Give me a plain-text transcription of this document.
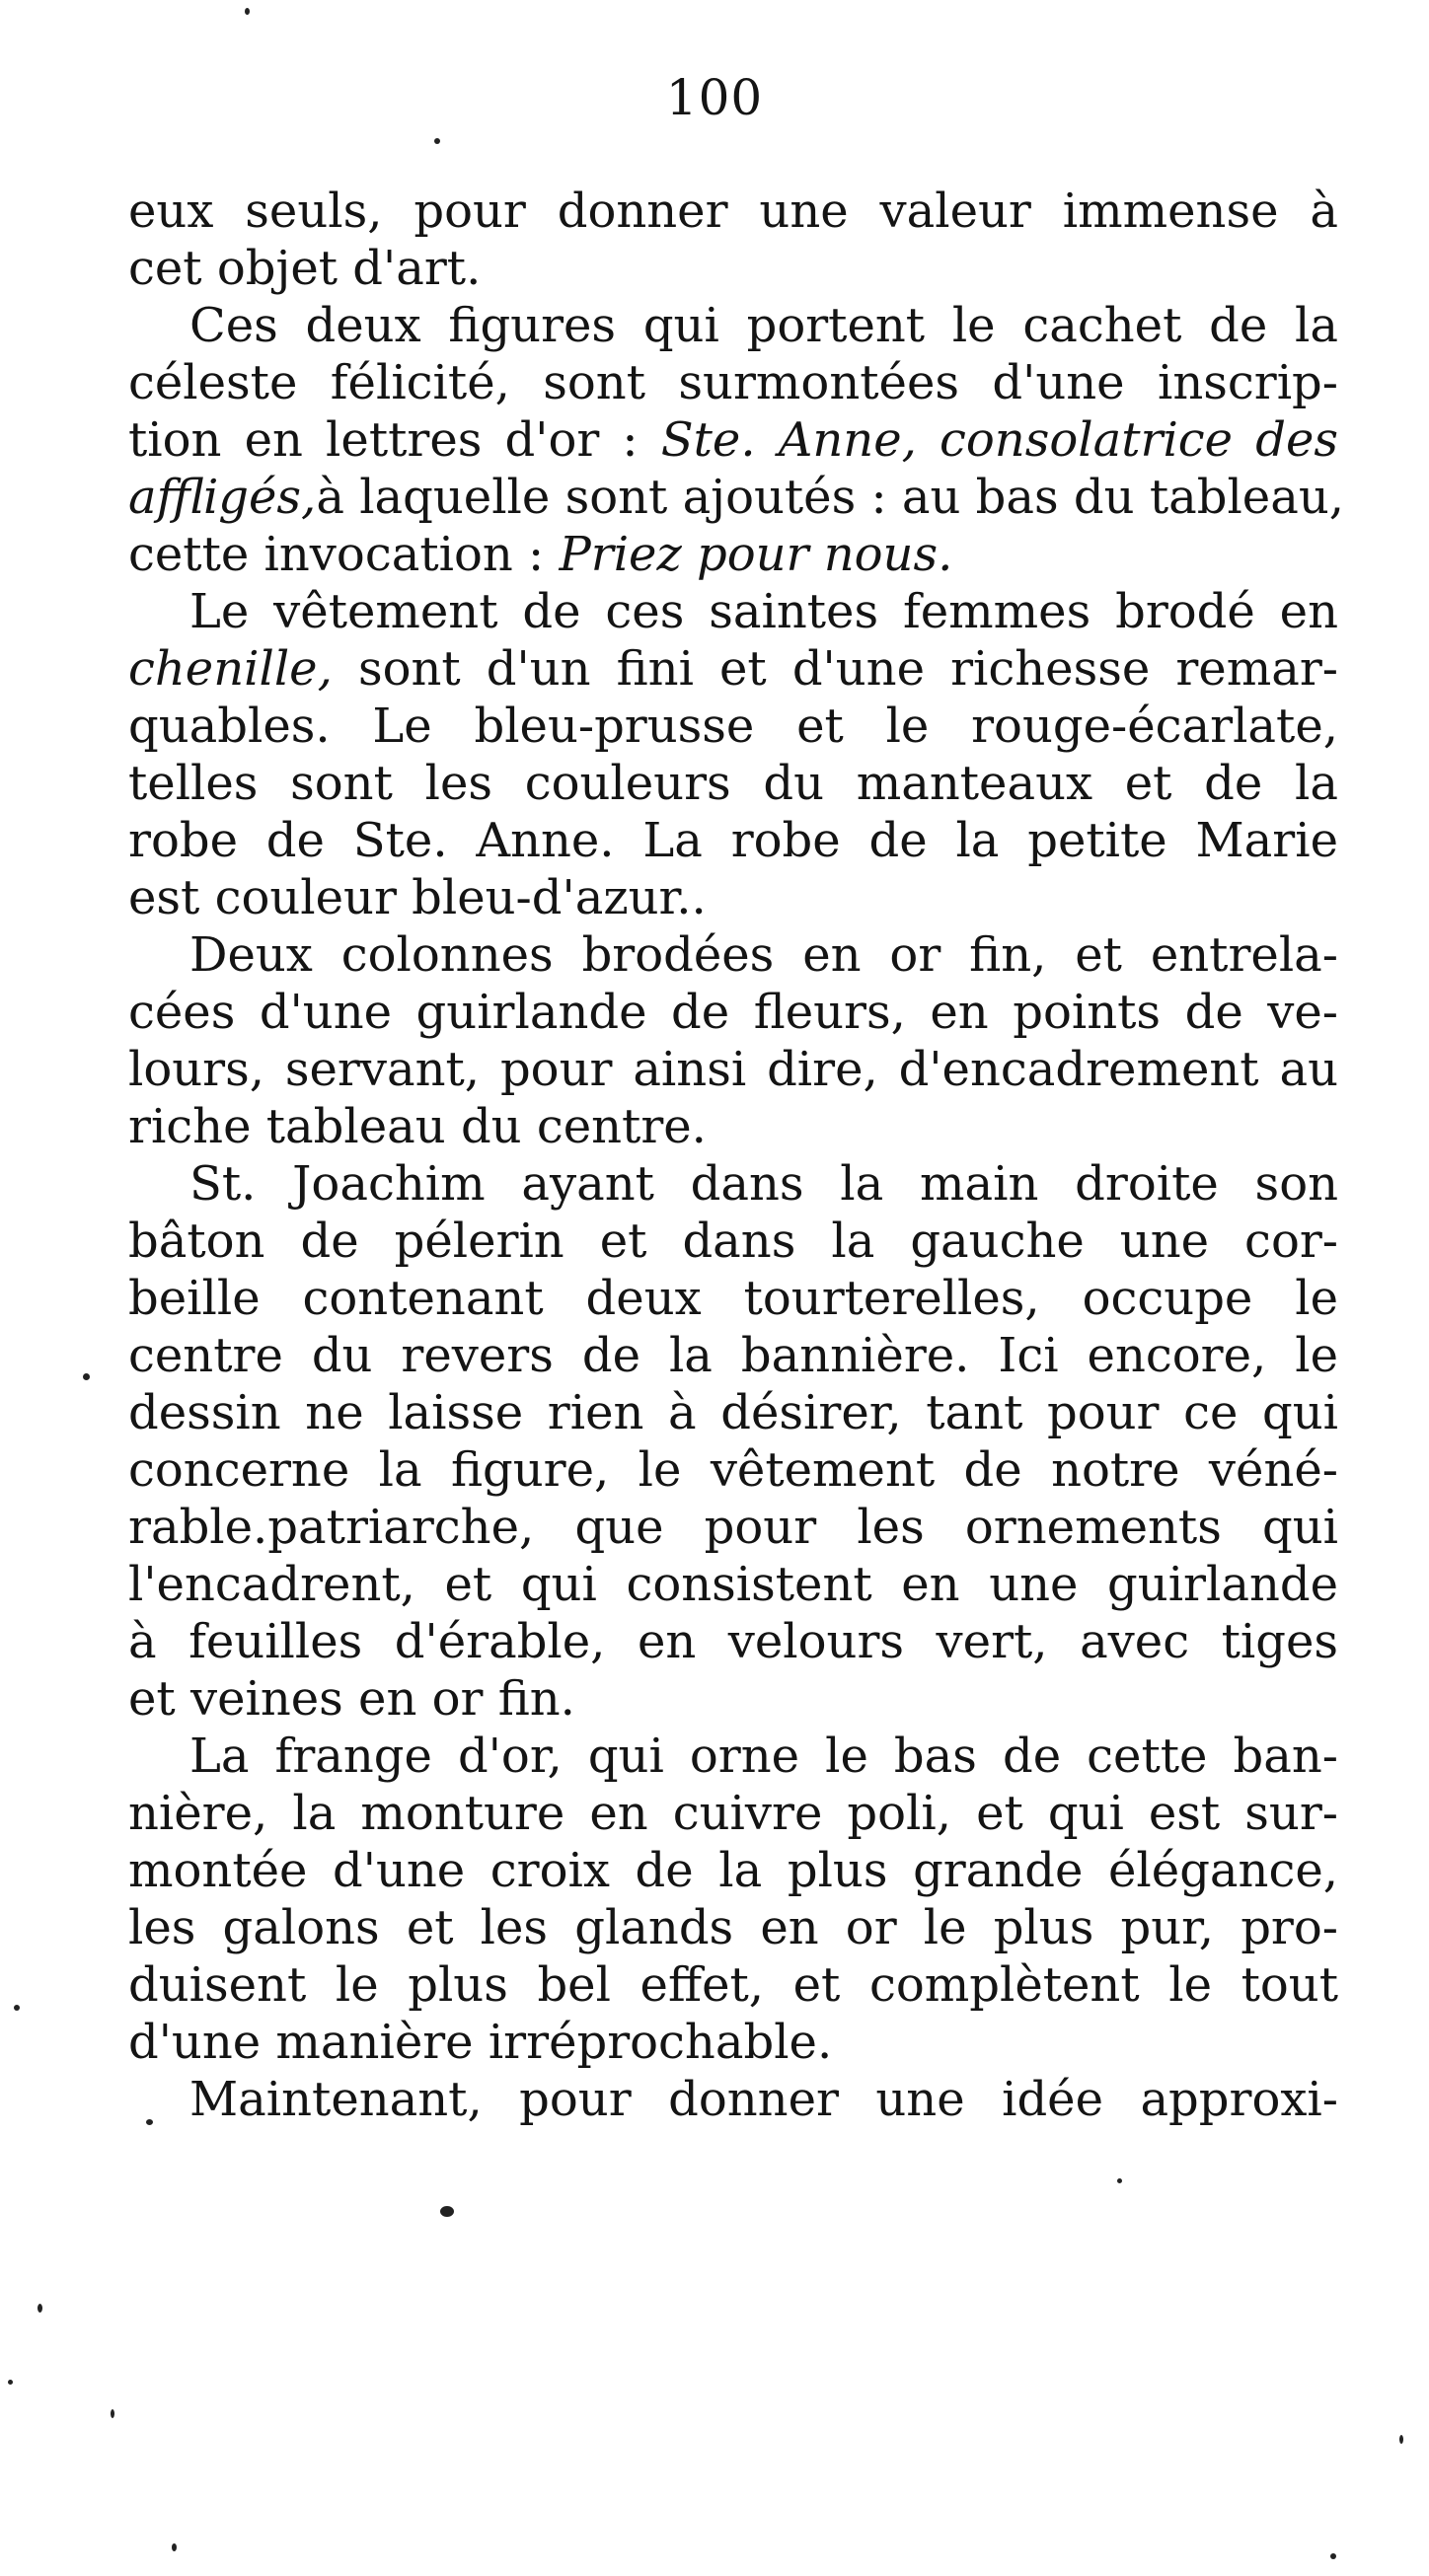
100
eux seuls, pour donner une valeur immense à
cet objet d'art.
Ces deux figures qui portent le cachet de la
céleste félicité, sont surmontées d'une inscrip-
tion en lettres d'or : Ste. Anne, consolatrice des
affligés,à laquelle sont ajoutés : au bas du tableau,
cette invocation : Priez pour nous.
Le vêtement de ces saintes femmes brodé en
chenille, sont d'un fini et d'une richesse remar-
quables. Le bleu-prusse et le rouge-écarlate,
telles sont les couleurs du manteaux et de la
robe de Ste. Anne. La robe de la petite Marie
est couleur bleu-d'azur..
Deux colonnes brodées en or fin, et entrela-
cées d'une guirlande de fleurs, en points de ve-
lours, servant, pour ainsi dire, d'encadrement au
riche tableau du centre.
St. Joachim ayant dans la main droite son
bâton de pélerin et dans la gauche une cor-
beille contenant deux tourterelles, occupe le
centre du revers de la bannière. Ici encore, le
dessin ne laisse rien à désirer, tant pour ce qui
concerne la figure, le vêtement de notre véné-
rable.patriarche, que pour les ornements qui
l'encadrent, et qui consistent en une guirlande
à feuilles d'érable, en velours vert, avec tiges
et veines en or fin.
La frange d'or, qui orne le bas de cette ban-
nière, la monture en cuivre poli, et qui est sur-
montée d'une croix de la plus grande élégance,
les galons et les glands en or le plus pur, pro-
duisent le plus bel effet, et complètent le tout
d'une manière irréprochable.
Maintenant, pour donner une idée approxi-
